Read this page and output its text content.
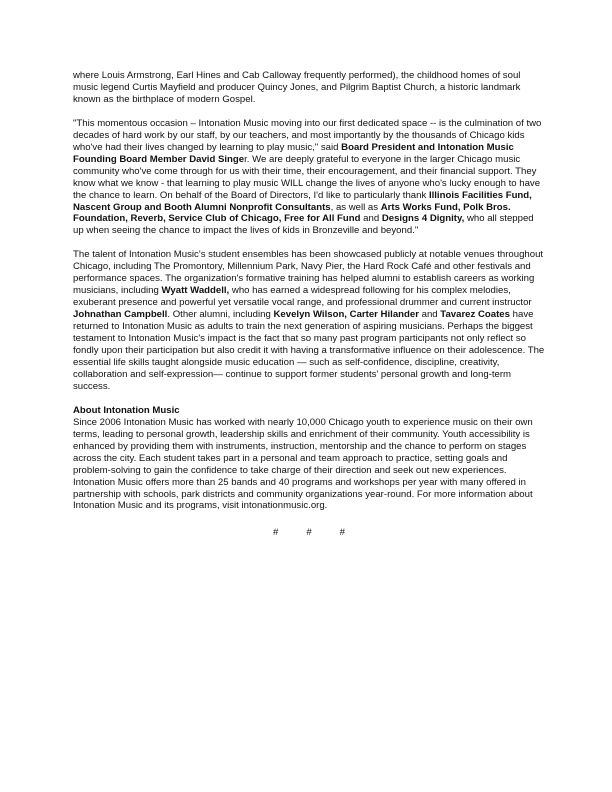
where Louis Armstrong, Earl Hines and Cab Calloway frequently performed), the childhood homes of soul music legend Curtis Mayfield and producer Quincy Jones, and Pilgrim Baptist Church, a historic landmark known as the birthplace of modern Gospel.

"This momentous occasion – Intonation Music moving into our first dedicated space -- is the culmination of two decades of hard work by our staff, by our teachers, and most importantly by the thousands of Chicago kids who've had their lives changed by learning to play music," said Board President and Intonation Music Founding Board Member David Singer. We are deeply grateful to everyone in the larger Chicago music community who've come through for us with their time, their encouragement, and their financial support. They know what we know - that learning to play music WILL change the lives of anyone who's lucky enough to have the chance to learn. On behalf of the Board of Directors, I'd like to particularly thank Illinois Facilities Fund, Nascent Group and Booth Alumni Nonprofit Consultants, as well as Arts Works Fund, Polk Bros. Foundation, Reverb, Service Club of Chicago, Free for All Fund and Designs 4 Dignity, who all stepped up when seeing the chance to impact the lives of kids in Bronzeville and beyond."

The talent of Intonation Music's student ensembles has been showcased publicly at notable venues throughout Chicago, including The Promontory, Millennium Park, Navy Pier, the Hard Rock Café and other festivals and performance spaces. The organization's formative training has helped alumni to establish careers as working musicians, including Wyatt Waddell, who has earned a widespread following for his complex melodies, exuberant presence and powerful yet versatile vocal range, and professional drummer and current instructor Johnathan Campbell. Other alumni, including Kevelyn Wilson, Carter Hilander and Tavarez Coates have returned to Intonation Music as adults to train the next generation of aspiring musicians. Perhaps the biggest testament to Intonation Music's impact is the fact that so many past program participants not only reflect so fondly upon their participation but also credit it with having a transformative influence on their adolescence. The essential life skills taught alongside music education — such as self-confidence, discipline, creativity, collaboration and self-expression— continue to support former students' personal growth and long-term success.

About Intonation Music

Since 2006 Intonation Music has worked with nearly 10,000 Chicago youth to experience music on their own terms, leading to personal growth, leadership skills and enrichment of their community. Youth accessibility is enhanced by providing them with instruments, instruction, mentorship and the chance to perform on stages across the city. Each student takes part in a personal and team approach to practice, setting goals and problem-solving to gain the confidence to take charge of their direction and seek out new experiences. Intonation Music offers more than 25 bands and 40 programs and workshops per year with many offered in partnership with schools, park districts and community organizations year-round. For more information about Intonation Music and its programs, visit intonationmusic.org.

#	#	#
